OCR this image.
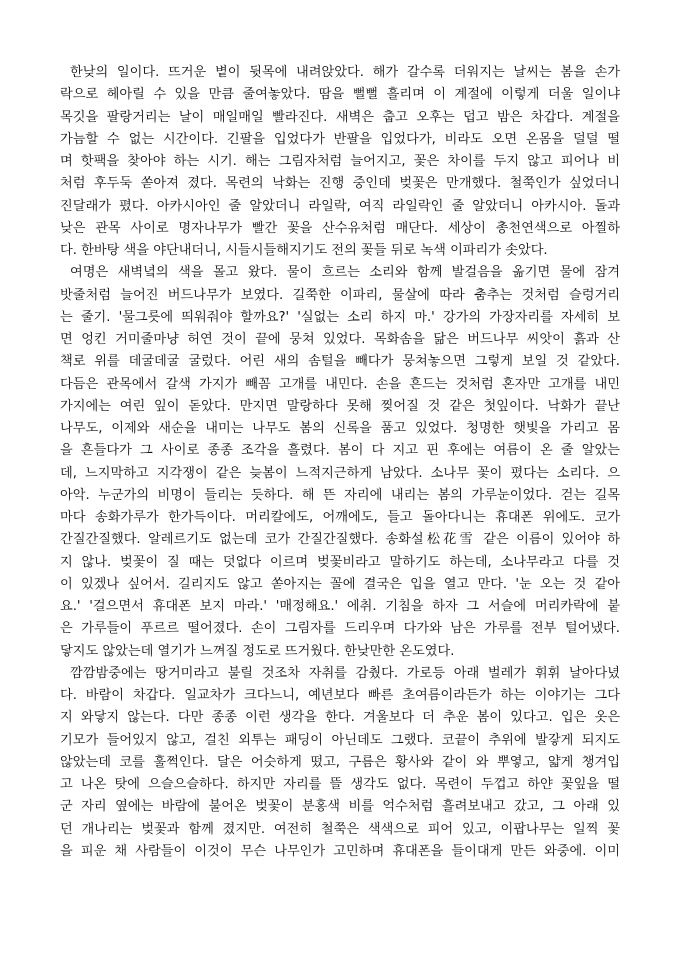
한낮의 일이다. 뜨거운 볕이 뒷목에 내려앉았다. 해가 갈수록 더워지는 날씨는 봄을 손가
락으로 헤아릴 수 있을 만큼 줄여놓았다. 땀을 뻘뻘 흘리며 이 계절에 이렇게 더울 일이냐
목깃을 팔랑거리는 날이 매일매일 빨라진다. 새벽은 춥고 오후는 덥고 밤은 차갑다. 계절을
가늠할 수 없는 시간이다. 긴팔을 입었다가 반팔을 입었다가, 비라도 오면 온몸을 덜덜 떨
며 핫팩을 찾아야 하는 시기. 해는 그림자처럼 늘어지고, 꽃은 차이를 두지 않고 피어나 비
처럼 후두둑 쏟아져 졌다. 목련의 낙화는 진행 중인데 벚꽃은 만개했다. 철쭉인가 싶었더니
진달래가 폈다. 아카시아인 줄 알았더니 라일락, 여직 라일락인 줄 알았더니 아카시아. 돌과
낮은 관목 사이로 명자나무가 빨간 꽃을 산수유처럼 매단다. 세상이 총천연색으로 아찔하
다. 한바탕 색을 야단내더니, 시들시들해지기도 전의 꽃들 뒤로 녹색 이파리가 솟았다.
여명은 새벽녘의 색을 몰고 왔다. 물이 흐르는 소리와 함께 발걸음을 옮기면 물에 잠겨
밧줄처럼 늘어진 버드나무가 보였다. 길쭉한 이파리, 물살에 따라 춤추는 것처럼 슬렁거리
는 줄기. '물그릇에 띄워줘야 할까요?' '실없는 소리 하지 마.' 강가의 가장자리를 자세히 보
면 엉킨 거미줄마냥 허연 것이 끝에 뭉쳐 있었다. 목화솜을 닮은 버드나무 씨앗이 흙과 산
책로 위를 데굴데굴 굴렀다. 어린 새의 솜털을 빼다가 뭉쳐놓으면 그렇게 보일 것 같았다.
다듬은 관목에서 갈색 가지가 빼꼼 고개를 내민다. 손을 흔드는 것처럼 혼자만 고개를 내민
가지에는 여린 잎이 돋았다. 만지면 말랑하다 못해 찢어질 것 같은 첫잎이다. 낙화가 끝난
나무도, 이제와 새순을 내미는 나무도 봄의 신록을 품고 있었다. 청명한 햇빛을 가리고 몸
을 흔들다가 그 사이로 종종 조각을 흘렸다. 봄이 다 지고 핀 후에는 여름이 온 줄 알았는
데, 느지막하고 지각쟁이 같은 늦봄이 느적지근하게 남았다. 소나무 꽃이 폈다는 소리다. 으
아악. 누군가의 비명이 들리는 듯하다. 해 뜬 자리에 내리는 봄의 가루눈이었다. 걷는 길목
마다 송화가루가 한가득이다. 머리칼에도, 어깨에도, 들고 돌아다니는 휴대폰 위에도. 코가
간질간질했다. 알레르기도 없는데 코가 간질간질했다. 송화설松花雪 같은 이름이 있어야 하
지 않나. 벚꽃이 질 때는 덧없다 이르며 벚꽃비라고 말하기도 하는데, 소나무라고 다를 것
이 있겠나 싶어서. 길리지도 않고 쏟아지는 꼴에 결국은 입을 열고 만다. '눈 오는 것 같아
요.' '걸으면서 휴대폰 보지 마라.' '매정해요.' 에취. 기침을 하자 그 서슬에 머리카락에 붙
은 가루들이 푸르르 떨어졌다. 손이 그림자를 드리우며 다가와 남은 가루를 전부 털어냈다.
닿지도 않았는데 열기가 느껴질 정도로 뜨거웠다. 한낮만한 온도였다.
깜깜밤중에는 땅거미라고 불릴 것조차 자취를 감췄다. 가로등 아래 벌레가 휘휘 날아다녔
다. 바람이 차갑다. 일교차가 크다느니, 예년보다 빠른 초여름이라든가 하는 이야기는 그다
지 와닿지 않는다. 다만 종종 이런 생각을 한다. 겨울보다 더 추운 봄이 있다고. 입은 옷은
기모가 들어있지 않고, 걸친 외투는 패딩이 아닌데도 그랬다. 코끝이 추위에 발갛게 되지도
않았는데 코를 훌쩍인다. 달은 어슷하게 떴고, 구름은 황사와 같이 와 뿌옇고, 얇게 챙겨입
고 나온 탓에 으슬으슬하다. 하지만 자리를 뜰 생각도 없다. 목련이 두껍고 하얀 꽃잎을 떨
군 자리 옆에는 바람에 불어온 벚꽃이 분홍색 비를 억수처럼 흘려보내고 갔고, 그 아래 있
던 개나리는 벚꽃과 함께 졌지만. 여전히 철쭉은 색색으로 피어 있고, 이팝나무는 일찍 꽃
을 피운 채 사람들이 이것이 무슨 나무인가 고민하며 휴대폰을 들이대게 만든 와중에. 이미
